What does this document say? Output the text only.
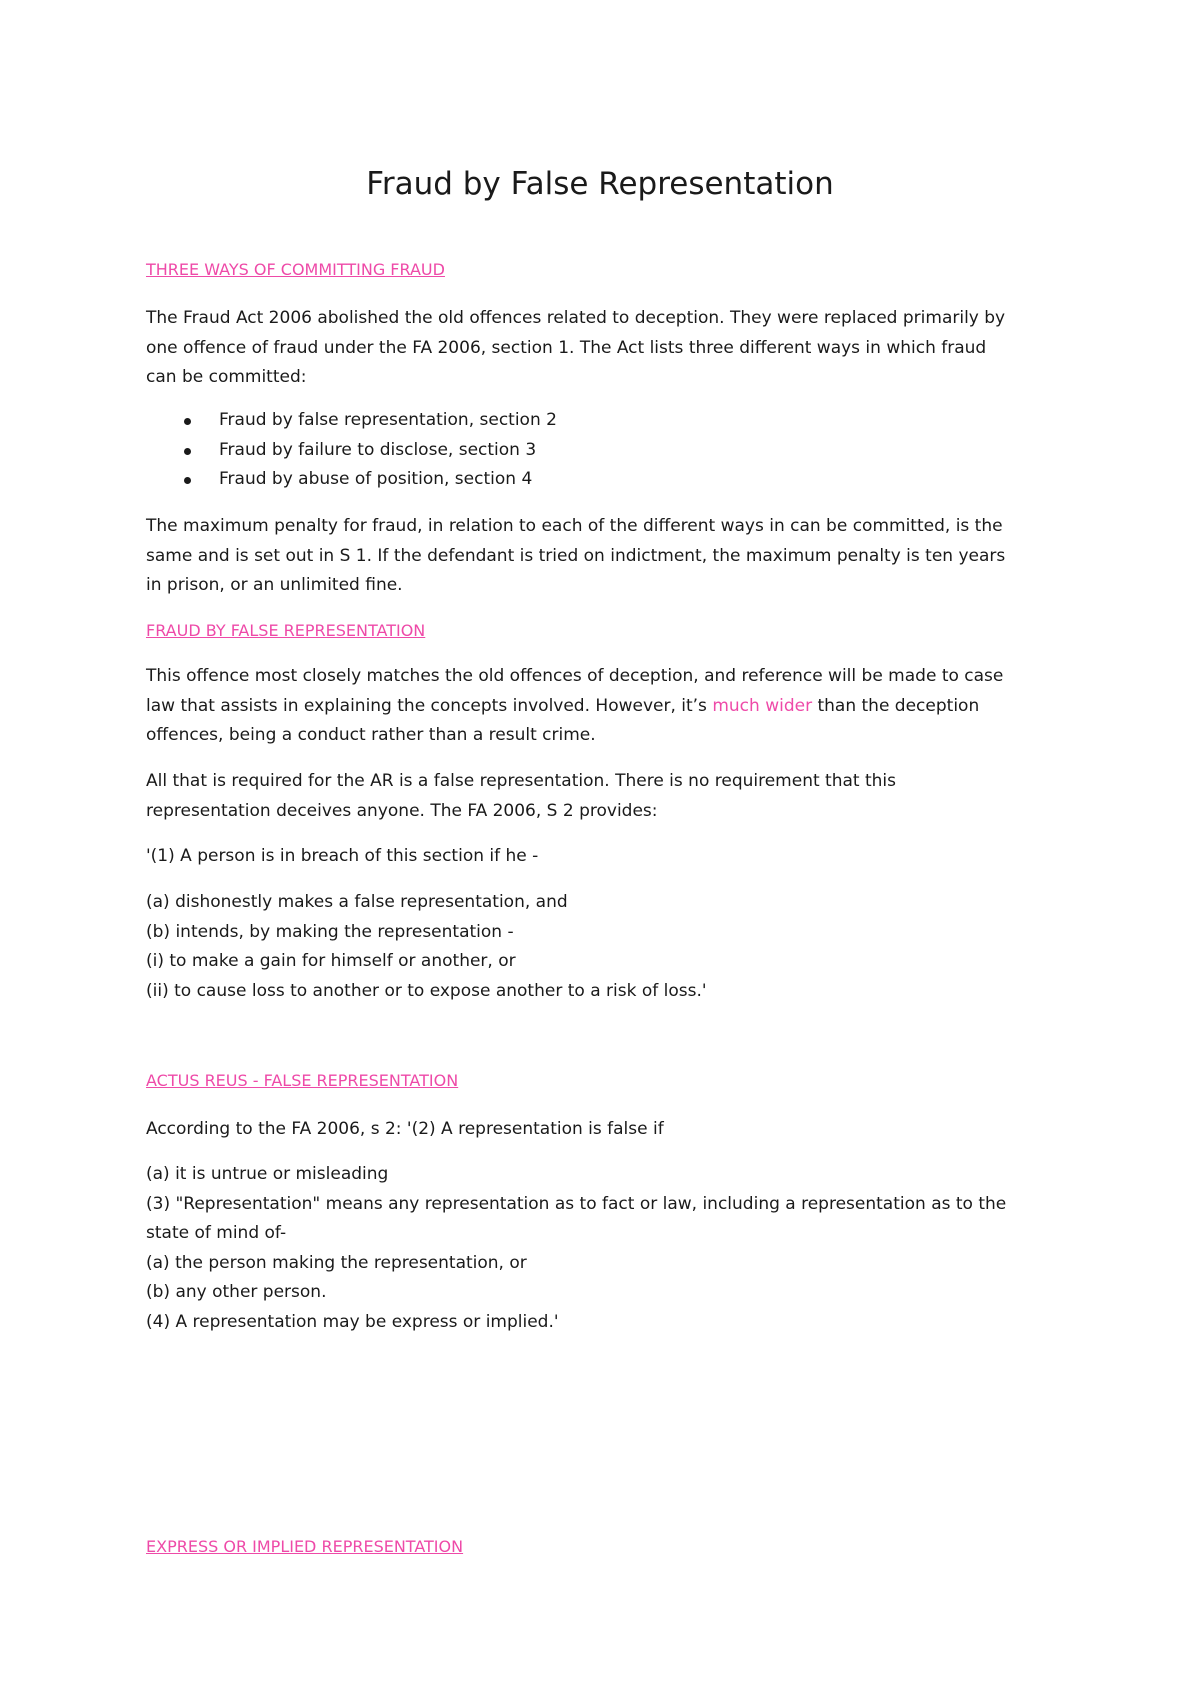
Fraud by False Representation
THREE WAYS OF COMMITTING FRAUD
The Fraud Act 2006 abolished the old offences related to deception. They were replaced primarily by
one offence of fraud under the FA 2006, section 1. The Act lists three different ways in which fraud
can be committed:
Fraud by false representation, section 2
Fraud by failure to disclose, section 3
Fraud by abuse of position, section 4
The maximum penalty for fraud, in relation to each of the different ways in can be committed, is the
same and is set out in S 1. If the defendant is tried on indictment, the maximum penalty is ten years
in prison, or an unlimited fine.
FRAUD BY FALSE REPRESENTATION
This offence most closely matches the old offences of deception, and reference will be made to case
law that assists in explaining the concepts involved. However, it’s much wider than the deception
offences, being a conduct rather than a result crime.
All that is required for the AR is a false representation. There is no requirement that this
representation deceives anyone. The FA 2006, S 2 provides:
'(1) A person is in breach of this section if he -
(a) dishonestly makes a false representation, and
(b) intends, by making the representation -
(i) to make a gain for himself or another, or
(ii) to cause loss to another or to expose another to a risk of loss.'
ACTUS REUS - FALSE REPRESENTATION
According to the FA 2006, s 2: '(2) A representation is false if
(a) it is untrue or misleading
(3) "Representation" means any representation as to fact or law, including a representation as to the
state of mind of-
(a) the person making the representation, or
(b) any other person.
(4) A representation may be express or implied.'
EXPRESS OR IMPLIED REPRESENTATION
